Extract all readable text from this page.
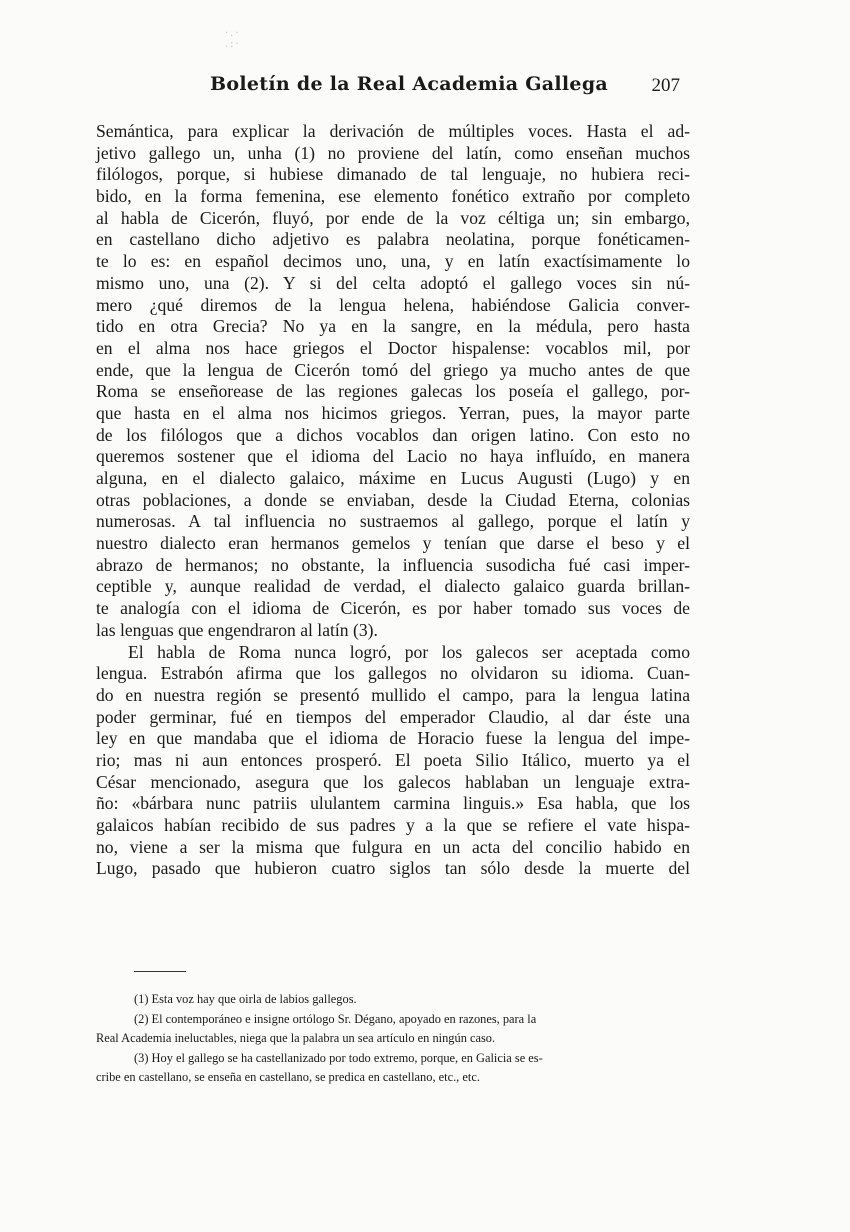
·.·
.:·
Boletín de la Real Academia Gallega 207
Semántica, para explicar la derivación de múltiples voces. Hasta el ad-
jetivo gallego un, unha (1) no proviene del latín, como enseñan muchos
filólogos, porque, si hubiese dimanado de tal lenguaje, no hubiera reci-
bido, en la forma femenina, ese elemento fonético extraño por completo
al habla de Cicerón, fluyó, por ende de la voz céltiga un; sin embargo,
en castellano dicho adjetivo es palabra neolatina, porque fonéticamen-
te lo es: en español decimos uno, una, y en latín exactísimamente lo
mismo uno, una (2). Y si del celta adoptó el gallego voces sin nú-
mero ¿qué diremos de la lengua helena, habiéndose Galicia conver-
tido en otra Grecia? No ya en la sangre, en la médula, pero hasta
en el alma nos hace griegos el Doctor hispalense: vocablos mil, por
ende, que la lengua de Cicerón tomó del griego ya mucho antes de que
Roma se enseñorease de las regiones galecas los poseía el gallego, por-
que hasta en el alma nos hicimos griegos. Yerran, pues, la mayor parte
de los filólogos que a dichos vocablos dan origen latino. Con esto no
queremos sostener que el idioma del Lacio no haya influído, en manera
alguna, en el dialecto galaico, máxime en Lucus Augusti (Lugo) y en
otras poblaciones, a donde se enviaban, desde la Ciudad Eterna, colonias
numerosas. A tal influencia no sustraemos al gallego, porque el latín y
nuestro dialecto eran hermanos gemelos y tenían que darse el beso y el
abrazo de hermanos; no obstante, la influencia susodicha fué casi imper-
ceptible y, aunque realidad de verdad, el dialecto galaico guarda brillan-
te analogía con el idioma de Cicerón, es por haber tomado sus voces de
las lenguas que engendraron al latín (3).
El habla de Roma nunca logró, por los galecos ser aceptada como
lengua. Estrabón afirma que los gallegos no olvidaron su idioma. Cuan-
do en nuestra región se presentó mullido el campo, para la lengua latina
poder germinar, fué en tiempos del emperador Claudio, al dar éste una
ley en que mandaba que el idioma de Horacio fuese la lengua del impe-
rio; mas ni aun entonces prosperó. El poeta Silio Itálico, muerto ya el
César mencionado, asegura que los galecos hablaban un lenguaje extra-
ño: «bárbara nunc patriis ululantem carmina linguis.» Esa habla, que los
galaicos habían recibido de sus padres y a la que se refiere el vate hispa-
no, viene a ser la misma que fulgura en un acta del concilio habido en
Lugo, pasado que hubieron cuatro siglos tan sólo desde la muerte del
(1) Esta voz hay que oirla de labios gallegos.
(2) El contemporáneo e insigne ortólogo Sr. Dégano, apoyado en razones, para la
Real Academia ineluctables, niega que la palabra un sea artículo en ningún caso.
(3) Hoy el gallego se ha castellanizado por todo extremo, porque, en Galicia se es-
cribe en castellano, se enseña en castellano, se predica en castellano, etc., etc.
